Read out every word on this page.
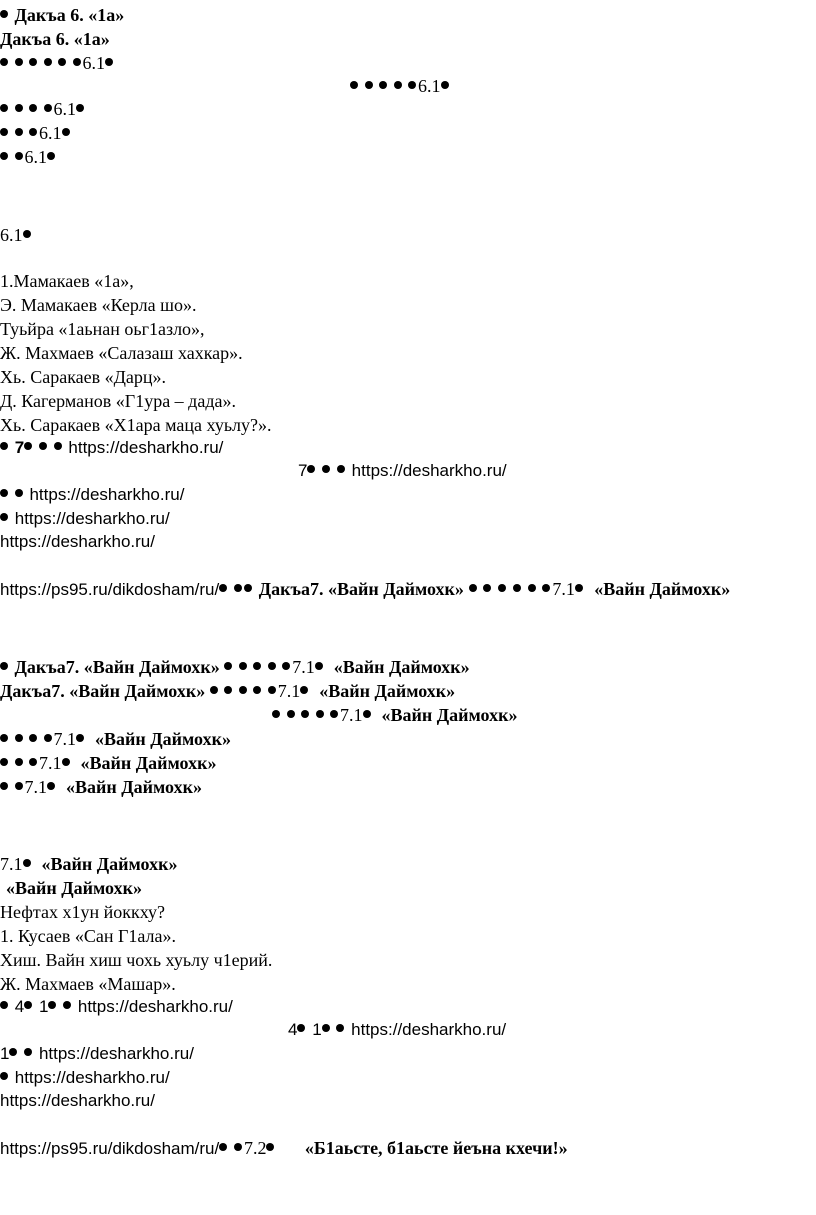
Дакъа 6. «1а»
Дакъа 6. «1а»
6.1
6.1
6.1
6.1
6.1
6.1
1.Мамакаев «1а»,
Э. Мамакаев «Керла шо».
Туьйра «1аьнан оьг1азло»,
Ж. Махмаев «Салазаш хахкар».
Хь. Саракаев «Дарц».
Д. Кагерманов «Г1ура – дада».
Хь. Саракаев «Х1ара маца хуьлу?».
7	https://desharkho.ru/
7	https://desharkho.ru/
https://desharkho.ru/
https://desharkho.ru/
https://desharkho.ru/
https://ps95.ru/dikdosham/ru/ Дакъа7. «Вайн Даймохк»	7.1 «Вайн Даймохк»
Дакъа7. «Вайн Даймохк»	7.1 «Вайн Даймохк»
Дакъа7. «Вайн Даймохк»	7.1 «Вайн Даймохк»
7.1 «Вайн Даймохк»
7.1 «Вайн Даймохк»
7.1 «Вайн Даймохк»
7.1 «Вайн Даймохк»
7.1 «Вайн Даймохк»
«Вайн Даймохк»
Нефтах х1ун йоккху?
1. Кусаев «Сан Г1ала».
Хиш. Вайн хиш чохь хуьлу ч1ерий.
Ж. Махмаев «Машар».
4 1 https://desharkho.ru/
4 1 https://desharkho.ru/
1 https://desharkho.ru/
https://desharkho.ru/
https://desharkho.ru/
https://ps95.ru/dikdosham/ru/ 7.2 «Б1аьсте, б1аьсте йеъна кхечи!»
